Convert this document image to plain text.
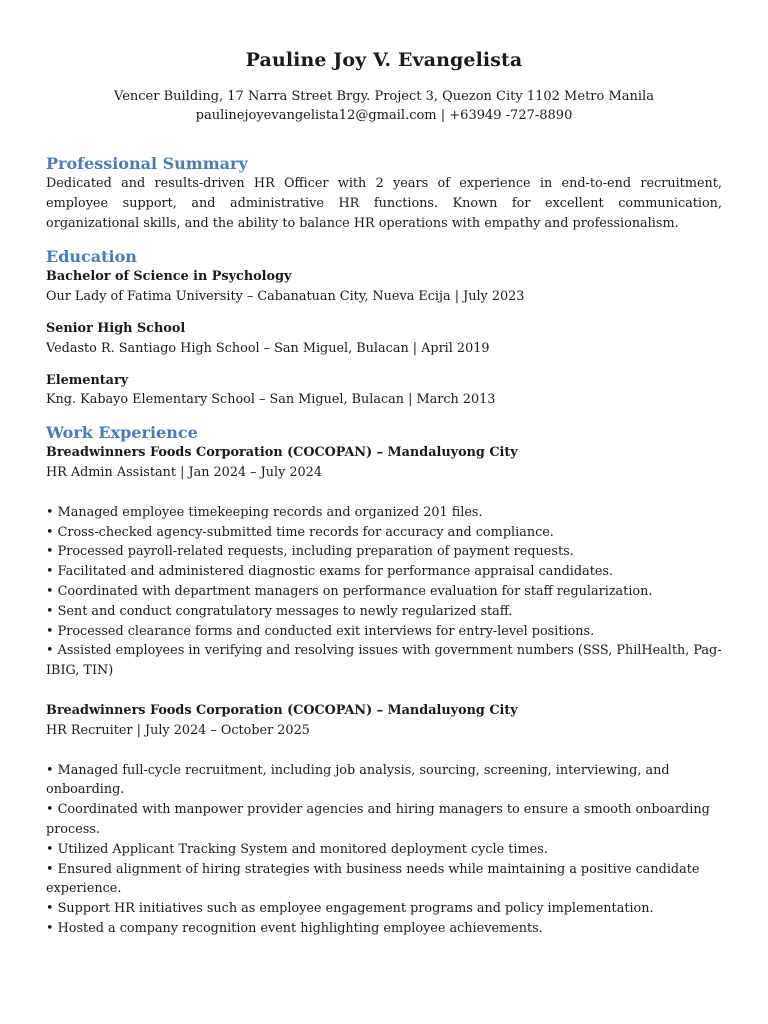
Pauline Joy V. Evangelista
Vencer Building, 17 Narra Street Brgy. Project 3, Quezon City 1102 Metro Manila
paulinejoyevangelista12@gmail.com | +63949 -727-8890
Professional Summary
Dedicated and results-driven HR Officer with 2 years of experience in end-to-end recruitment, employee support, and administrative HR functions. Known for excellent communication, organizational skills, and the ability to balance HR operations with empathy and professionalism.
Education
Bachelor of Science in Psychology
Our Lady of Fatima University – Cabanatuan City, Nueva Ecija | July 2023
Senior High School
Vedasto R. Santiago High School – San Miguel, Bulacan | April 2019
Elementary
Kng. Kabayo Elementary School – San Miguel, Bulacan | March 2013
Work Experience
Breadwinners Foods Corporation (COCOPAN) – Mandaluyong City
HR Admin Assistant | Jan 2024 – July 2024
• Managed employee timekeeping records and organized 201 files.
• Cross-checked agency-submitted time records for accuracy and compliance.
• Processed payroll-related requests, including preparation of payment requests.
• Facilitated and administered diagnostic exams for performance appraisal candidates.
• Coordinated with department managers on performance evaluation for staff regularization.
• Sent and conduct congratulatory messages to newly regularized staff.
• Processed clearance forms and conducted exit interviews for entry-level positions.
• Assisted employees in verifying and resolving issues with government numbers (SSS, PhilHealth, Pag-IBIG, TIN)
Breadwinners Foods Corporation (COCOPAN) – Mandaluyong City
HR Recruiter | July 2024 – October 2025
• Managed full-cycle recruitment, including job analysis, sourcing, screening, interviewing, and onboarding.
• Coordinated with manpower provider agencies and hiring managers to ensure a smooth onboarding process.
• Utilized Applicant Tracking System and monitored deployment cycle times.
• Ensured alignment of hiring strategies with business needs while maintaining a positive candidate experience.
• Support HR initiatives such as employee engagement programs and policy implementation.
• Hosted a company recognition event highlighting employee achievements.
